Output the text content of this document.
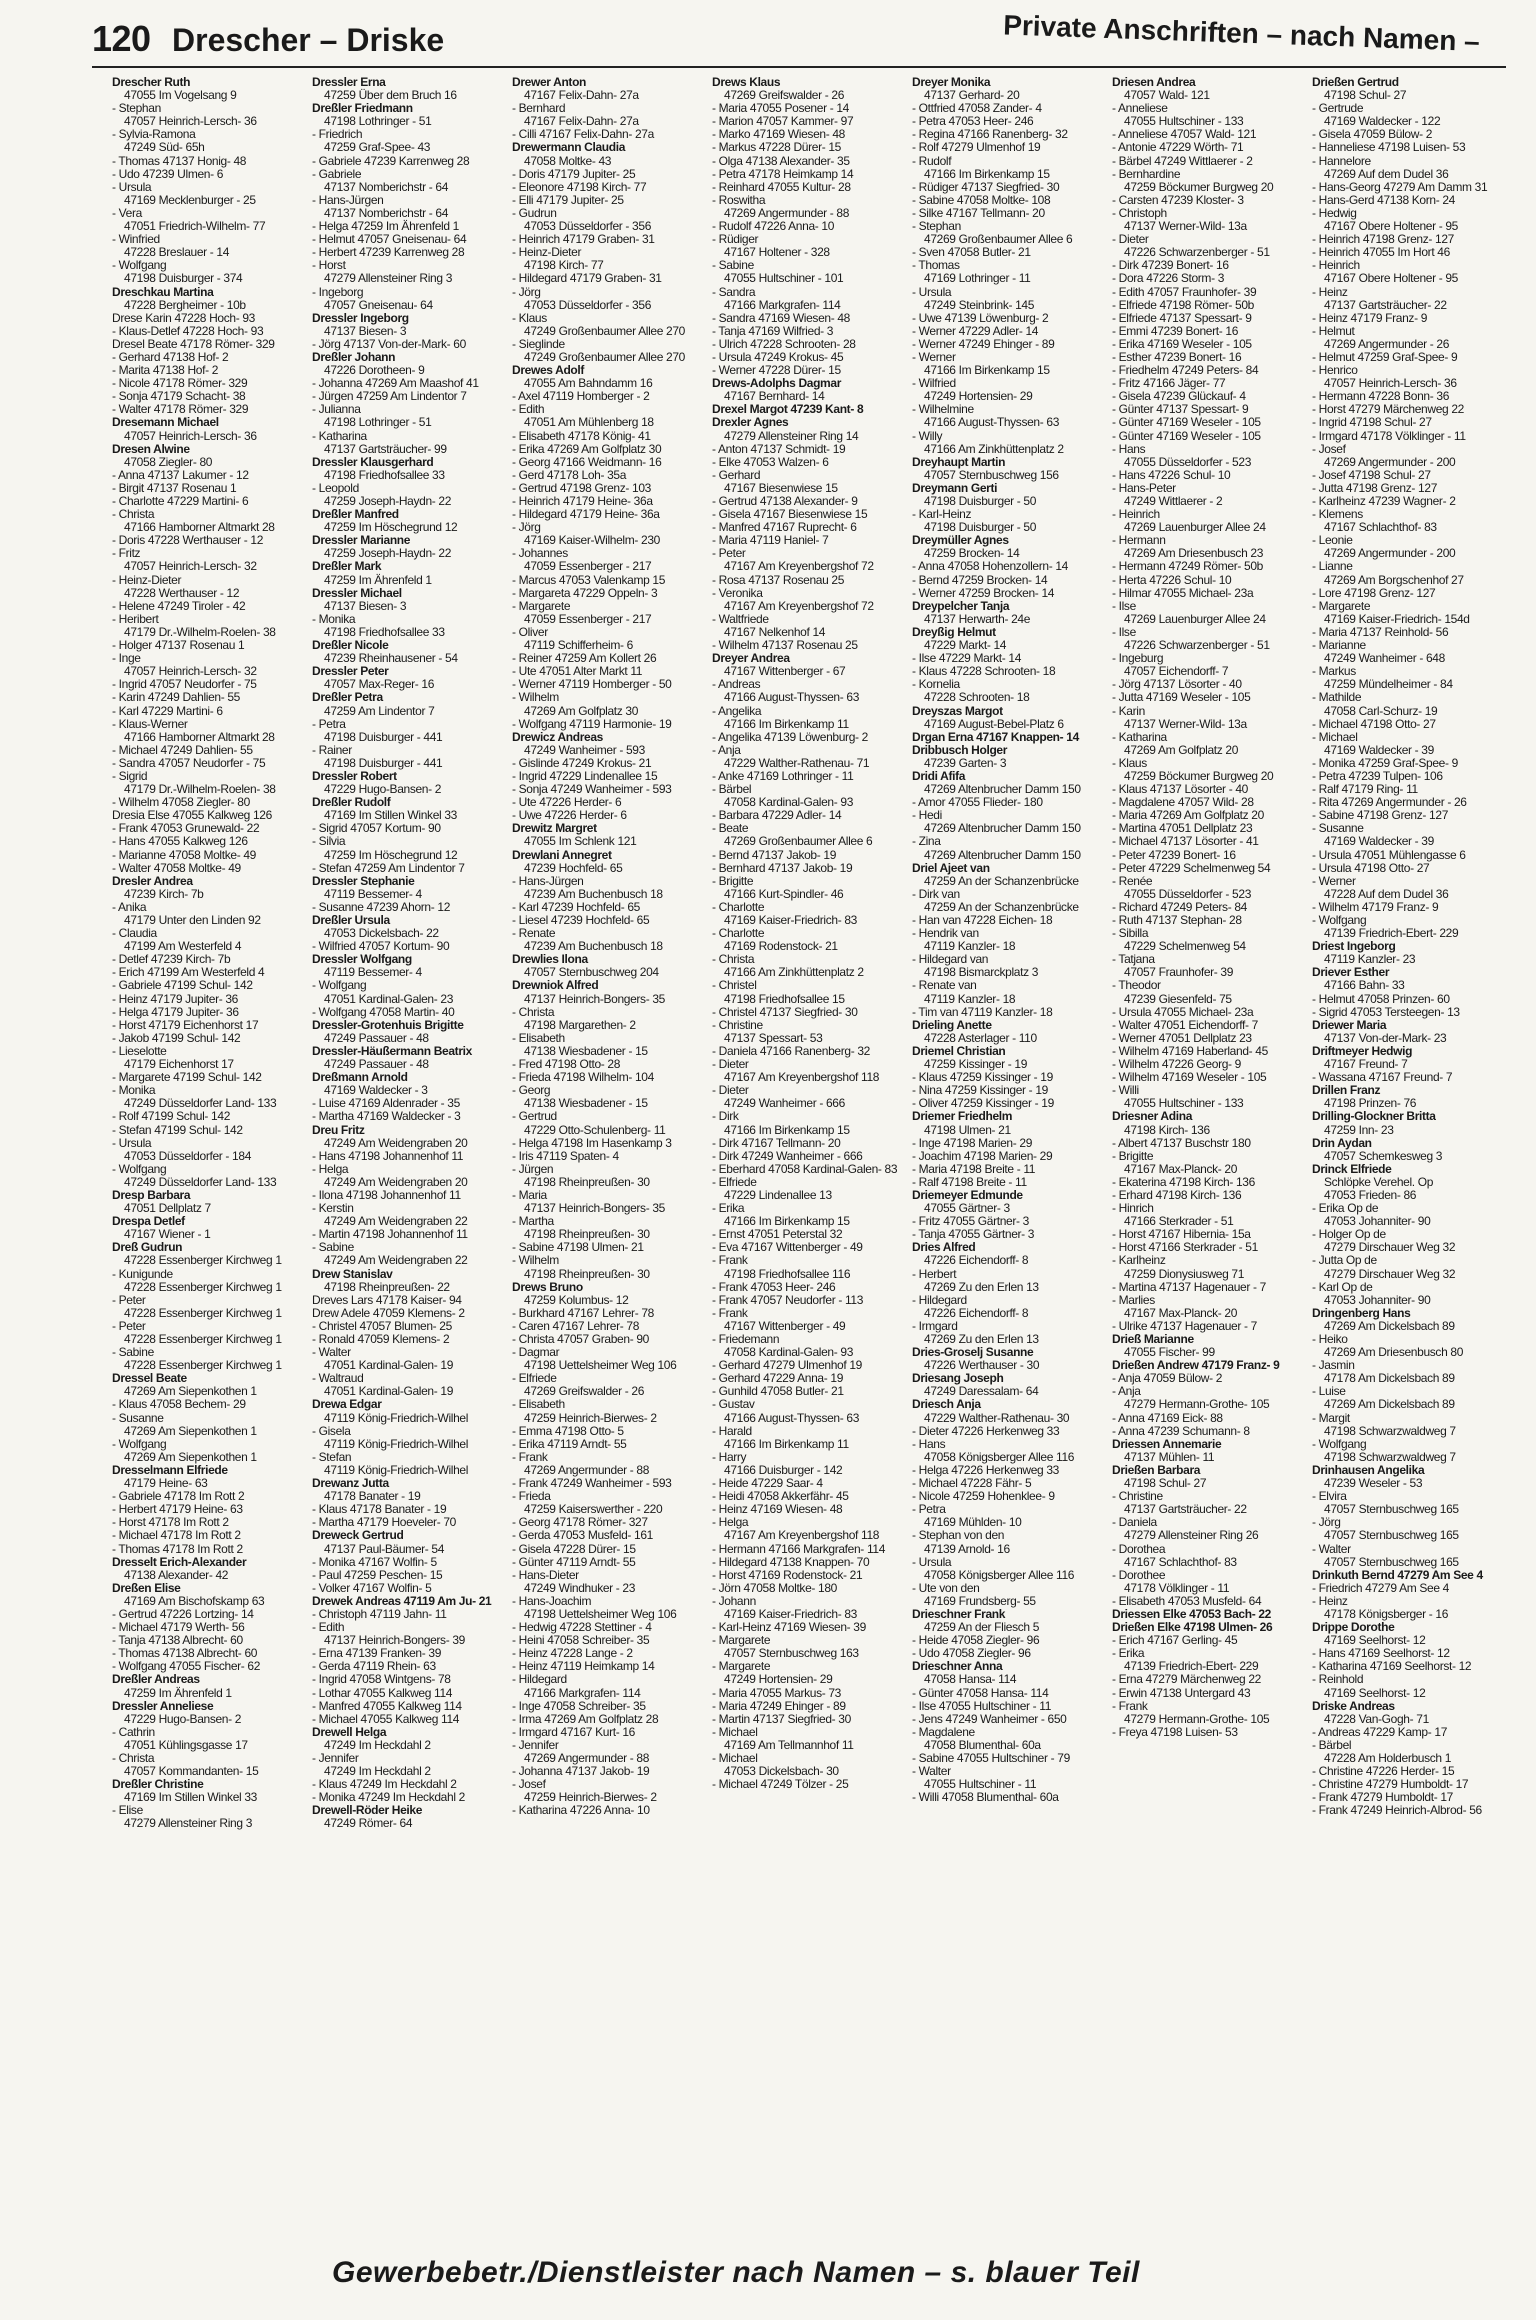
120 Drescher – Driske	Private Anschriften – nach Namen –
Drescher Ruth
47055 Im Vogelsang 9
- Stephan
47057 Heinrich-Lersch- 36
- Sylvia-Ramona
47249 Süd- 65h
- Thomas 47137 Honig- 48
- Udo 47239 Ulmen- 6
- Ursula
47169 Mecklenburger - 25
- Vera
47051 Friedrich-Wilhelm- 77
- Winfried
47228 Breslauer - 14
- Wolfgang
47198 Duisburger - 374
Dreschkau Martina
47228 Bergheimer - 10b
Drese Karin 47228 Hoch- 93
- Klaus-Detlef 47228 Hoch- 93
Dresel Beate 47178 Römer- 329
- Gerhard 47138 Hof- 2
- Marita 47138 Hof- 2
- Nicole 47178 Römer- 329
- Sonja 47179 Schacht- 38
- Walter 47178 Römer- 329
Dresemann Michael
47057 Heinrich-Lersch- 36
Dresen Alwine
47058 Ziegler- 80
- Anna 47137 Lakumer - 12
- Birgit 47137 Rosenau 1
- Charlotte 47229 Martini- 6
- Christa
47166 Hamborner Altmarkt 28
- Doris 47228 Werthauser - 12
- Fritz
47057 Heinrich-Lersch- 32
- Heinz-Dieter
47228 Werthauser - 12
- Helene 47249 Tiroler - 42
- Heribert
47179 Dr.-Wilhelm-Roelen- 38
- Holger 47137 Rosenau 1
- Inge
47057 Heinrich-Lersch- 32
- Ingrid 47057 Neudorfer - 75
- Karin 47249 Dahlien- 55
- Karl 47229 Martini- 6
- Klaus-Werner
47166 Hamborner Altmarkt 28
- Michael 47249 Dahlien- 55
- Sandra 47057 Neudorfer - 75
- Sigrid
47179 Dr.-Wilhelm-Roelen- 38
- Wilhelm 47058 Ziegler- 80
Dresia Else 47055 Kalkweg 126
- Frank 47053 Grunewald- 22
- Hans 47055 Kalkweg 126
- Marianne 47058 Moltke- 49
- Walter 47058 Moltke- 49
Dresler Andrea
47239 Kirch- 7b
- Anika
47179 Unter den Linden 92
- Claudia
47199 Am Westerfeld 4
- Detlef 47239 Kirch- 7b
- Erich 47199 Am Westerfeld 4
- Gabriele 47199 Schul- 142
- Heinz 47179 Jupiter- 36
- Helga 47179 Jupiter- 36
- Horst 47179 Eichenhorst 17
- Jakob 47199 Schul- 142
- Lieselotte
47179 Eichenhorst 17
- Margarete 47199 Schul- 142
- Monika
47249 Düsseldorfer Land- 133
- Rolf 47199 Schul- 142
- Stefan 47199 Schul- 142
- Ursula
47053 Düsseldorfer - 184
- Wolfgang
47249 Düsseldorfer Land- 133
Dresp Barbara
47051 Dellplatz 7
Drespa Detlef
47167 Wiener - 1
Dreß Gudrun
47228 Essenberger Kirchweg 1
- Kunigunde
47228 Essenberger Kirchweg 1
- Peter
47228 Essenberger Kirchweg 1
- Peter
47228 Essenberger Kirchweg 1
- Sabine
47228 Essenberger Kirchweg 1
Dressel Beate
47269 Am Siepenkothen 1
- Klaus 47058 Bechem- 29
- Susanne
47269 Am Siepenkothen 1
- Wolfgang
47269 Am Siepenkothen 1
Dresselmann Elfriede
47179 Heine- 63
- Gabriele 47178 Im Rott 2
- Herbert 47179 Heine- 63
- Horst 47178 Im Rott 2
- Michael 47178 Im Rott 2
- Thomas 47178 Im Rott 2
Dresselt Erich-Alexander
47138 Alexander- 42
Dreßen Elise
47169 Am Bischofskamp 63
- Gertrud 47226 Lortzing- 14
- Michael 47179 Werth- 56
- Tanja 47138 Albrecht- 60
- Thomas 47138 Albrecht- 60
- Wolfgang 47055 Fischer- 62
Dreßler Andreas
47259 Im Ährenfeld 1
Dressler Anneliese
47229 Hugo-Bansen- 2
- Cathrin
47051 Kühlingsgasse 17
- Christa
47057 Kommandanten- 15
Dreßler Christine
47169 Im Stillen Winkel 33
- Elise
47279 Allensteiner Ring 3
Dressler Erna
47259 Über dem Bruch 16
Dreßler Friedmann
47198 Lothringer - 51
- Friedrich
47259 Graf-Spee- 43
- Gabriele 47239 Karrenweg 28
- Gabriele
47137 Nomberichstr - 64
- Hans-Jürgen
47137 Nomberichstr - 64
- Helga 47259 Im Ährenfeld 1
- Helmut 47057 Gneisenau- 64
- Herbert 47239 Karrenweg 28
- Horst
47279 Allensteiner Ring 3
- Ingeborg
47057 Gneisenau- 64
Dressler Ingeborg
47137 Biesen- 3
- Jörg 47137 Von-der-Mark- 60
Dreßler Johann
47226 Dorotheen- 9
- Johanna 47269 Am Maashof 41
- Jürgen 47259 Am Lindentor 7
- Julianna
47198 Lothringer - 51
- Katharina
47137 Gartsträucher- 99
Dressler Klausgerhard
47198 Friedhofsallee 33
- Leopold
47259 Joseph-Haydn- 22
Dreßler Manfred
47259 Im Höschegrund 12
Dressler Marianne
47259 Joseph-Haydn- 22
Dreßler Mark
47259 Im Ährenfeld 1
Dressler Michael
47137 Biesen- 3
- Monika
47198 Friedhofsallee 33
Dreßler Nicole
47239 Rheinhausener - 54
Dressler Peter
47057 Max-Reger- 16
Dreßler Petra
47259 Am Lindentor 7
- Petra
47198 Duisburger - 441
- Rainer
47198 Duisburger - 441
Dressler Robert
47229 Hugo-Bansen- 2
Dreßler Rudolf
47169 Im Stillen Winkel 33
- Sigrid 47057 Kortum- 90
- Silvia
47259 Im Höschegrund 12
- Stefan 47259 Am Lindentor 7
Dressler Stephanie
47119 Bessemer- 4
- Susanne 47239 Ahorn- 12
Dreßler Ursula
47053 Dickelsbach- 22
- Wilfried 47057 Kortum- 90
Dressler Wolfgang
47119 Bessemer- 4
- Wolfgang
47051 Kardinal-Galen- 23
- Wolfgang 47058 Martin- 40
Dressler-Grotenhuis Brigitte
47249 Passauer - 48
Dressler-Häußermann Beatrix
47249 Passauer - 48
Dreßmann Arnold
47169 Waldecker - 3
- Luise 47169 Aldenrader - 35
- Martha 47169 Waldecker - 3
Dreu Fritz
47249 Am Weidengraben 20
- Hans 47198 Johannenhof 11
- Helga
47249 Am Weidengraben 20
- Ilona 47198 Johannenhof 11
- Kerstin
47249 Am Weidengraben 22
- Martin 47198 Johannenhof 11
- Sabine
47249 Am Weidengraben 22
Drew Stanislav
47198 Rheinpreußen- 22
Dreves Lars 47178 Kaiser- 94
Drew Adele 47059 Klemens- 2
- Christel 47057 Blumen- 25
- Ronald 47059 Klemens- 2
- Walter
47051 Kardinal-Galen- 19
- Waltraud
47051 Kardinal-Galen- 19
Drewa Edgar
47119 König-Friedrich-Wilhel
- Gisela
47119 König-Friedrich-Wilhel
- Stefan
47119 König-Friedrich-Wilhel
Drewanz Jutta
47178 Banater - 19
- Klaus 47178 Banater - 19
- Martha 47179 Hoeveler- 70
Dreweck Gertrud
47137 Paul-Bäumer- 54
- Monika 47167 Wolfin- 5
- Paul 47259 Peschen- 15
- Volker 47167 Wolfin- 5
Drewek Andreas 47119 Am Ju- 21
- Christoph 47119 Jahn- 11
- Edith
47137 Heinrich-Bongers- 39
- Erna 47139 Franken- 39
- Gerda 47119 Rhein- 63
- Ingrid 47058 Wintgens- 78
- Lothar 47055 Kalkweg 114
- Manfred 47055 Kalkweg 114
- Michael 47055 Kalkweg 114
Drewell Helga
47249 Im Heckdahl 2
- Jennifer
47249 Im Heckdahl 2
- Klaus 47249 Im Heckdahl 2
- Monika 47249 Im Heckdahl 2
Drewell-Röder Heike
47249 Römer- 64
Drewer Anton
47167 Felix-Dahn- 27a
- Bernhard
47167 Felix-Dahn- 27a
- Cilli 47167 Felix-Dahn- 27a
Drewermann Claudia
47058 Moltke- 43
- Doris 47179 Jupiter- 25
- Eleonore 47198 Kirch- 77
- Elli 47179 Jupiter- 25
- Gudrun
47053 Düsseldorfer - 356
- Heinrich 47179 Graben- 31
- Heinz-Dieter
47198 Kirch- 77
- Hildegard 47179 Graben- 31
- Jörg
47053 Düsseldorfer - 356
- Klaus
47249 Großenbaumer Allee 270
- Sieglinde
47249 Großenbaumer Allee 270
Drewes Adolf
47055 Am Bahndamm 16
- Axel 47119 Homberger - 2
- Edith
47051 Am Mühlenberg 18
- Elisabeth 47178 König- 41
- Erika 47269 Am Golfplatz 30
- Georg 47166 Weidmann- 16
- Gerd 47178 Loh- 35a
- Gertrud 47198 Grenz- 103
- Heinrich 47179 Heine- 36a
- Hildegard 47179 Heine- 36a
- Jörg
47169 Kaiser-Wilhelm- 230
- Johannes
47059 Essenberger - 217
- Marcus 47053 Valenkamp 15
- Margareta 47229 Oppeln- 3
- Margarete
47059 Essenberger - 217
- Oliver
47119 Schifferheim- 6
- Reiner 47259 Am Kollert 26
- Ute 47051 Alter Markt 11
- Werner 47119 Homberger - 50
- Wilhelm
47269 Am Golfplatz 30
- Wolfgang 47119 Harmonie- 19
Drewicz Andreas
47249 Wanheimer - 593
- Gislinde 47249 Krokus- 21
- Ingrid 47229 Lindenallee 15
- Sonja 47249 Wanheimer - 593
- Ute 47226 Herder- 6
- Uwe 47226 Herder- 6
Drewitz Margret
47055 Im Schlenk 121
Drewlani Annegret
47239 Hochfeld- 65
- Hans-Jürgen
47239 Am Buchenbusch 18
- Karl 47239 Hochfeld- 65
- Liesel 47239 Hochfeld- 65
- Renate
47239 Am Buchenbusch 18
Drewlies Ilona
47057 Sternbuschweg 204
Drewniok Alfred
47137 Heinrich-Bongers- 35
- Christa
47198 Margarethen- 2
- Elisabeth
47138 Wiesbadener - 15
- Fred 47198 Otto- 28
- Frieda 47198 Wilhelm- 104
- Georg
47138 Wiesbadener - 15
- Gertrud
47229 Otto-Schulenberg- 11
- Helga 47198 Im Hasenkamp 3
- Iris 47119 Spaten- 4
- Jürgen
47198 Rheinpreußen- 30
- Maria
47137 Heinrich-Bongers- 35
- Martha
47198 Rheinpreußen- 30
- Sabine 47198 Ulmen- 21
- Wilhelm
47198 Rheinpreußen- 30
Drews Bruno
47259 Kolumbus- 12
- Burkhard 47167 Lehrer- 78
- Caren 47167 Lehrer- 78
- Christa 47057 Graben- 90
- Dagmar
47198 Uettelsheimer Weg 106
- Elfriede
47269 Greifswalder - 26
- Elisabeth
47259 Heinrich-Bierwes- 2
- Emma 47198 Otto- 5
- Erika 47119 Arndt- 55
- Frank
47269 Angermunder - 88
- Frank 47249 Wanheimer - 593
- Frieda
47259 Kaiserswerther - 220
- Georg 47178 Römer- 327
- Gerda 47053 Musfeld- 161
- Gisela 47228 Dürer- 15
- Günter 47119 Arndt- 55
- Hans-Dieter
47249 Windhuker - 23
- Hans-Joachim
47198 Uettelsheimer Weg 106
- Hedwig 47228 Stettiner - 4
- Heini 47058 Schreiber- 35
- Heinz 47228 Lange - 2
- Heinz 47119 Heimkamp 14
- Hildegard
47166 Markgrafen- 114
- Inge 47058 Schreiber- 35
- Irma 47269 Am Golfplatz 28
- Irmgard 47167 Kurt- 16
- Jennifer
47269 Angermunder - 88
- Johanna 47137 Jakob- 19
- Josef
47259 Heinrich-Bierwes- 2
- Katharina 47226 Anna- 10
Drews Klaus
47269 Greifswalder - 26
- Maria 47055 Posener - 14
- Marion 47057 Kammer- 97
- Marko 47169 Wiesen- 48
- Markus 47228 Dürer- 15
- Olga 47138 Alexander- 35
- Petra 47178 Heimkamp 14
- Reinhard 47055 Kultur- 28
- Roswitha
47269 Angermunder - 88
- Rudolf 47226 Anna- 10
- Rüdiger
47167 Holtener - 328
- Sabine
47055 Hultschiner - 101
- Sandra
47166 Markgrafen- 114
- Sandra 47169 Wiesen- 48
- Tanja 47169 Wilfried- 3
- Ulrich 47228 Schrooten- 28
- Ursula 47249 Krokus- 45
- Werner 47228 Dürer- 15
Drews-Adolphs Dagmar
47167 Bernhard- 14
Drexel Margot 47239 Kant- 8
Drexler Agnes
47279 Allensteiner Ring 14
- Anton 47137 Schmidt- 19
- Elke 47053 Walzen- 6
- Gerhard
47167 Biesenwiese 15
- Gertrud 47138 Alexander- 9
- Gisela 47167 Biesenwiese 15
- Manfred 47167 Ruprecht- 6
- Maria 47119 Haniel- 7
- Peter
47167 Am Kreyenbergshof 72
- Rosa 47137 Rosenau 25
- Veronika
47167 Am Kreyenbergshof 72
- Waltfriede
47167 Nelkenhof 14
- Wilhelm 47137 Rosenau 25
Dreyer Andrea
47167 Wittenberger - 67
- Andreas
47166 August-Thyssen- 63
- Angelika
47166 Im Birkenkamp 11
- Angelika 47139 Löwenburg- 2
- Anja
47229 Walther-Rathenau- 71
- Anke 47169 Lothringer - 11
- Bärbel
47058 Kardinal-Galen- 93
- Barbara 47229 Adler- 14
- Beate
47269 Großenbaumer Allee 6
- Bernd 47137 Jakob- 19
- Bernhard 47137 Jakob- 19
- Brigitte
47166 Kurt-Spindler- 46
- Charlotte
47169 Kaiser-Friedrich- 83
- Charlotte
47169 Rodenstock- 21
- Christa
47166 Am Zinkhüttenplatz 2
- Christel
47198 Friedhofsallee 15
- Christel 47137 Siegfried- 30
- Christine
47137 Spessart- 53
- Daniela 47166 Ranenberg- 32
- Dieter
47167 Am Kreyenbergshof 118
- Dieter
47249 Wanheimer - 666
- Dirk
47166 Im Birkenkamp 15
- Dirk 47167 Tellmann- 20
- Dirk 47249 Wanheimer - 666
- Eberhard 47058 Kardinal-Galen- 83
- Elfriede
47229 Lindenallee 13
- Erika
47166 Im Birkenkamp 15
- Ernst 47051 Peterstal 32
- Eva 47167 Wittenberger - 49
- Frank
47198 Friedhofsallee 116
- Frank 47053 Heer- 246
- Frank 47057 Neudorfer - 113
- Frank
47167 Wittenberger - 49
- Friedemann
47058 Kardinal-Galen- 93
- Gerhard 47279 Ulmenhof 19
- Gerhard 47229 Anna- 19
- Gunhild 47058 Butler- 21
- Gustav
47166 August-Thyssen- 63
- Harald
47166 Im Birkenkamp 11
- Harry
47166 Duisburger - 142
- Heide 47229 Saar- 4
- Heidi 47058 Akkerfähr- 45
- Heinz 47169 Wiesen- 48
- Helga
47167 Am Kreyenbergshof 118
- Hermann 47166 Markgrafen- 114
- Hildegard 47138 Knappen- 70
- Horst 47169 Rodenstock- 21
- Jörn 47058 Moltke- 180
- Johann
47169 Kaiser-Friedrich- 83
- Karl-Heinz 47169 Wiesen- 39
- Margarete
47057 Sternbuschweg 163
- Margarete
47249 Hortensien- 29
- Maria 47055 Markus- 73
- Maria 47249 Ehinger - 89
- Martin 47137 Siegfried- 30
- Michael
47169 Am Tellmannhof 11
- Michael
47053 Dickelsbach- 30
- Michael 47249 Tölzer - 25
Dreyer Monika
47137 Gerhard- 20
- Ottfried 47058 Zander- 4
- Petra 47053 Heer- 246
- Regina 47166 Ranenberg- 32
- Rolf 47279 Ulmenhof 19
- Rudolf
47166 Im Birkenkamp 15
- Rüdiger 47137 Siegfried- 30
- Sabine 47058 Moltke- 108
- Silke 47167 Tellmann- 20
- Stephan
47269 Großenbaumer Allee 6
- Sven 47058 Butler- 21
- Thomas
47169 Lothringer - 11
- Ursula
47249 Steinbrink- 145
- Uwe 47139 Löwenburg- 2
- Werner 47229 Adler- 14
- Werner 47249 Ehinger - 89
- Werner
47166 Im Birkenkamp 15
- Wilfried
47249 Hortensien- 29
- Wilhelmine
47166 August-Thyssen- 63
- Willy
47166 Am Zinkhüttenplatz 2
Dreyhaupt Martin
47057 Sternbuschweg 156
Dreymann Gerti
47198 Duisburger - 50
- Karl-Heinz
47198 Duisburger - 50
Dreymüller Agnes
47259 Brocken- 14
- Anna 47058 Hohenzollern- 14
- Bernd 47259 Brocken- 14
- Werner 47259 Brocken- 14
Dreypelcher Tanja
47137 Herwarth- 24e
Dreyßig Helmut
47229 Markt- 14
- Ilse 47229 Markt- 14
- Klaus 47228 Schrooten- 18
- Kornelia
47228 Schrooten- 18
Dreyszas Margot
47169 August-Bebel-Platz 6
Drgan Erna 47167 Knappen- 14
Dribbusch Holger
47239 Garten- 3
Dridi Afifa
47269 Altenbrucher Damm 150
- Amor 47055 Flieder- 180
- Hedi
47269 Altenbrucher Damm 150
- Zina
47269 Altenbrucher Damm 150
Driel Ajeet van
47259 An der Schanzenbrücke
- Dirk van
47259 An der Schanzenbrücke
- Han van 47228 Eichen- 18
- Hendrik van
47119 Kanzler- 18
- Hildegard van
47198 Bismarckplatz 3
- Renate van
47119 Kanzler- 18
- Tim van 47119 Kanzler- 18
Drieling Anette
47228 Asterlager - 110
Driemel Christian
47259 Kissinger - 19
- Klaus 47259 Kissinger - 19
- Nina 47259 Kissinger - 19
- Oliver 47259 Kissinger - 19
Driemer Friedhelm
47198 Ulmen- 21
- Inge 47198 Marien- 29
- Joachim 47198 Marien- 29
- Maria 47198 Breite - 11
- Ralf 47198 Breite - 11
Driemeyer Edmunde
47055 Gärtner- 3
- Fritz 47055 Gärtner- 3
- Tanja 47055 Gärtner- 3
Dries Alfred
47226 Eichendorff- 8
- Herbert
47269 Zu den Erlen 13
- Hildegard
47226 Eichendorff- 8
- Irmgard
47269 Zu den Erlen 13
Dries-Groselj Susanne
47226 Werthauser - 30
Driesang Joseph
47249 Daressalam- 64
Driesch Anja
47229 Walther-Rathenau- 30
- Dieter 47226 Herkenweg 33
- Hans
47058 Königsberger Allee 116
- Helga 47226 Herkenweg 33
- Michael 47228 Fähr- 5
- Nicole 47259 Hohenklee- 9
- Petra
47169 Mühlden- 10
- Stephan von den
47139 Arnold- 16
- Ursula
47058 Königsberger Allee 116
- Ute von den
47169 Frundsberg- 55
Drieschner Frank
47259 An der Fliesch 5
- Heide 47058 Ziegler- 96
- Udo 47058 Ziegler- 96
Drieschner Anna
47058 Hansa- 114
- Günter 47058 Hansa- 114
- Ilse 47055 Hultschiner - 11
- Jens 47249 Wanheimer - 650
- Magdalene
47058 Blumenthal- 60a
- Sabine 47055 Hultschiner - 79
- Walter
47055 Hultschiner - 11
- Willi 47058 Blumenthal- 60a
Driesen Andrea
47057 Wald- 121
- Anneliese
47055 Hultschiner - 133
- Anneliese 47057 Wald- 121
- Antonie 47229 Wörth- 71
- Bärbel 47249 Wittlaerer - 2
- Bernhardine
47259 Böckumer Burgweg 20
- Carsten 47239 Kloster- 3
- Christoph
47137 Werner-Wild- 13a
- Dieter
47226 Schwarzenberger - 51
- Dirk 47239 Bonert- 16
- Dora 47226 Storm- 3
- Edith 47057 Fraunhofer- 39
- Elfriede 47198 Römer- 50b
- Elfriede 47137 Spessart- 9
- Emmi 47239 Bonert- 16
- Erika 47169 Weseler - 105
- Esther 47239 Bonert- 16
- Friedhelm 47249 Peters- 84
- Fritz 47166 Jäger- 77
- Gisela 47239 Glückauf- 4
- Günter 47137 Spessart- 9
- Günter 47169 Weseler - 105
- Günter 47169 Weseler - 105
- Hans
47055 Düsseldorfer - 523
- Hans 47226 Schul- 10
- Hans-Peter
47249 Wittlaerer - 2
- Heinrich
47269 Lauenburger Allee 24
- Hermann
47269 Am Driesenbusch 23
- Hermann 47249 Römer- 50b
- Herta 47226 Schul- 10
- Hilmar 47055 Michael- 23a
- Ilse
47269 Lauenburger Allee 24
- Ilse
47226 Schwarzenberger - 51
- Ingeburg
47057 Eichendorff- 7
- Jörg 47137 Lösorter - 40
- Jutta 47169 Weseler - 105
- Karin
47137 Werner-Wild- 13a
- Katharina
47269 Am Golfplatz 20
- Klaus
47259 Böckumer Burgweg 20
- Klaus 47137 Lösorter - 40
- Magdalene 47057 Wild- 28
- Maria 47269 Am Golfplatz 20
- Martina 47051 Dellplatz 23
- Michael 47137 Lösorter - 41
- Peter 47239 Bonert- 16
- Peter 47229 Schelmenweg 54
- Renée
47055 Düsseldorfer - 523
- Richard 47249 Peters- 84
- Ruth 47137 Stephan- 28
- Sibilla
47229 Schelmenweg 54
- Tatjana
47057 Fraunhofer- 39
- Theodor
47239 Giesenfeld- 75
- Ursula 47055 Michael- 23a
- Walter 47051 Eichendorff- 7
- Werner 47051 Dellplatz 23
- Wilhelm 47169 Haberland- 45
- Wilhelm 47226 Georg- 9
- Wilhelm 47169 Weseler - 105
- Willi
47055 Hultschiner - 133
Driesner Adina
47198 Kirch- 136
- Albert 47137 Buschstr 180
- Brigitte
47167 Max-Planck- 20
- Ekaterina 47198 Kirch- 136
- Erhard 47198 Kirch- 136
- Hinrich
47166 Sterkrader - 51
- Horst 47167 Hibernia- 15a
- Horst 47166 Sterkrader - 51
- Karlheinz
47259 Dionysiusweg 71
- Martina 47137 Hagenauer - 7
- Marlies
47167 Max-Planck- 20
- Ulrike 47137 Hagenauer - 7
Drieß Marianne
47055 Fischer- 99
Drießen Andrew 47179 Franz- 9
- Anja 47059 Bülow- 2
- Anja
47279 Hermann-Grothe- 105
- Anna 47169 Eick- 88
- Anna 47239 Schumann- 8
Driessen Annemarie
47137 Mühlen- 11
Drießen Barbara
47198 Schul- 27
- Christine
47137 Gartsträucher- 22
- Daniela
47279 Allensteiner Ring 26
- Dorothea
47167 Schlachthof- 83
- Dorothee
47178 Völklinger - 11
- Elisabeth 47053 Musfeld- 64
Driessen Elke 47053 Bach- 22
Drießen Elke 47198 Ulmen- 26
- Erich 47167 Gerling- 45
- Erika
47139 Friedrich-Ebert- 229
- Erna 47279 Märchenweg 22
- Erwin 47138 Untergard 43
- Frank
47279 Hermann-Grothe- 105
- Freya 47198 Luisen- 53
Drießen Gertrud
47198 Schul- 27
- Gertrude
47169 Waldecker - 122
- Gisela 47059 Bülow- 2
- Hanneliese 47198 Luisen- 53
- Hannelore
47269 Auf dem Dudel 36
- Hans-Georg 47279 Am Damm 31
- Hans-Gerd 47138 Korn- 24
- Hedwig
47167 Obere Holtener - 95
- Heinrich 47198 Grenz- 127
- Heinrich 47055 Im Hort 46
- Heinrich
47167 Obere Holtener - 95
- Heinz
47137 Gartsträucher- 22
- Heinz 47179 Franz- 9
- Helmut
47269 Angermunder - 26
- Helmut 47259 Graf-Spee- 9
- Henrico
47057 Heinrich-Lersch- 36
- Hermann 47228 Bonn- 36
- Horst 47279 Märchenweg 22
- Ingrid 47198 Schul- 27
- Irmgard 47178 Völklinger - 11
- Josef
47269 Angermunder - 200
- Josef 47198 Schul- 27
- Jutta 47198 Grenz- 127
- Karlheinz 47239 Wagner- 2
- Klemens
47167 Schlachthof- 83
- Leonie
47269 Angermunder - 200
- Lianne
47269 Am Borgschenhof 27
- Lore 47198 Grenz- 127
- Margarete
47169 Kaiser-Friedrich- 154d
- Maria 47137 Reinhold- 56
- Marianne
47249 Wanheimer - 648
- Markus
47259 Mündelheimer - 84
- Mathilde
47058 Carl-Schurz- 19
- Michael 47198 Otto- 27
- Michael
47169 Waldecker - 39
- Monika 47259 Graf-Spee- 9
- Petra 47239 Tulpen- 106
- Ralf 47179 Ring- 11
- Rita 47269 Angermunder - 26
- Sabine 47198 Grenz- 127
- Susanne
47169 Waldecker - 39
- Ursula 47051 Mühlengasse 6
- Ursula 47198 Otto- 27
- Werner
47228 Auf dem Dudel 36
- Wilhelm 47179 Franz- 9
- Wolfgang
47139 Friedrich-Ebert- 229
Driest Ingeborg
47119 Kanzler- 23
Driever Esther
47166 Bahn- 33
- Helmut 47058 Prinzen- 60
- Sigrid 47053 Tersteegen- 13
Driewer Maria
47137 Von-der-Mark- 23
Driftmeyer Hedwig
47167 Freund- 7
- Wassana 47167 Freund- 7
Drillen Franz
47198 Prinzen- 76
Drilling-Glockner Britta
47259 Inn- 23
Drin Aydan
47057 Schemkesweg 3
Drinck Elfriede
Schlöpke Verehel. Op
47053 Frieden- 86
- Erika Op de
47053 Johanniter- 90
- Holger Op de
47279 Dirschauer Weg 32
- Jutta Op de
47279 Dirschauer Weg 32
- Karl Op de
47053 Johanniter- 90
Dringenberg Hans
47269 Am Dickelsbach 89
- Heiko
47269 Am Driesenbusch 80
- Jasmin
47178 Am Dickelsbach 89
- Luise
47269 Am Dickelsbach 89
- Margit
47198 Schwarzwaldweg 7
- Wolfgang
47198 Schwarzwaldweg 7
Drinhausen Angelika
47239 Weseler - 53
- Elvira
47057 Sternbuschweg 165
- Jörg
47057 Sternbuschweg 165
- Walter
47057 Sternbuschweg 165
Drinkuth Bernd 47279 Am See 4
- Friedrich 47279 Am See 4
- Heinz
47178 Königsberger - 16
Drippe Dorothe
47169 Seelhorst- 12
- Hans 47169 Seelhorst- 12
- Katharina 47169 Seelhorst- 12
- Reinhold
47169 Seelhorst- 12
Driske Andreas
47228 Van-Gogh- 71
- Andreas 47229 Kamp- 17
- Bärbel
47228 Am Holderbusch 1
- Christine 47226 Herder- 15
- Christine 47279 Humboldt- 17
- Frank 47279 Humboldt- 17
- Frank 47249 Heinrich-Albrod- 56
Gewerbebetr./Dienstleister nach Namen – s. blauer Teil
